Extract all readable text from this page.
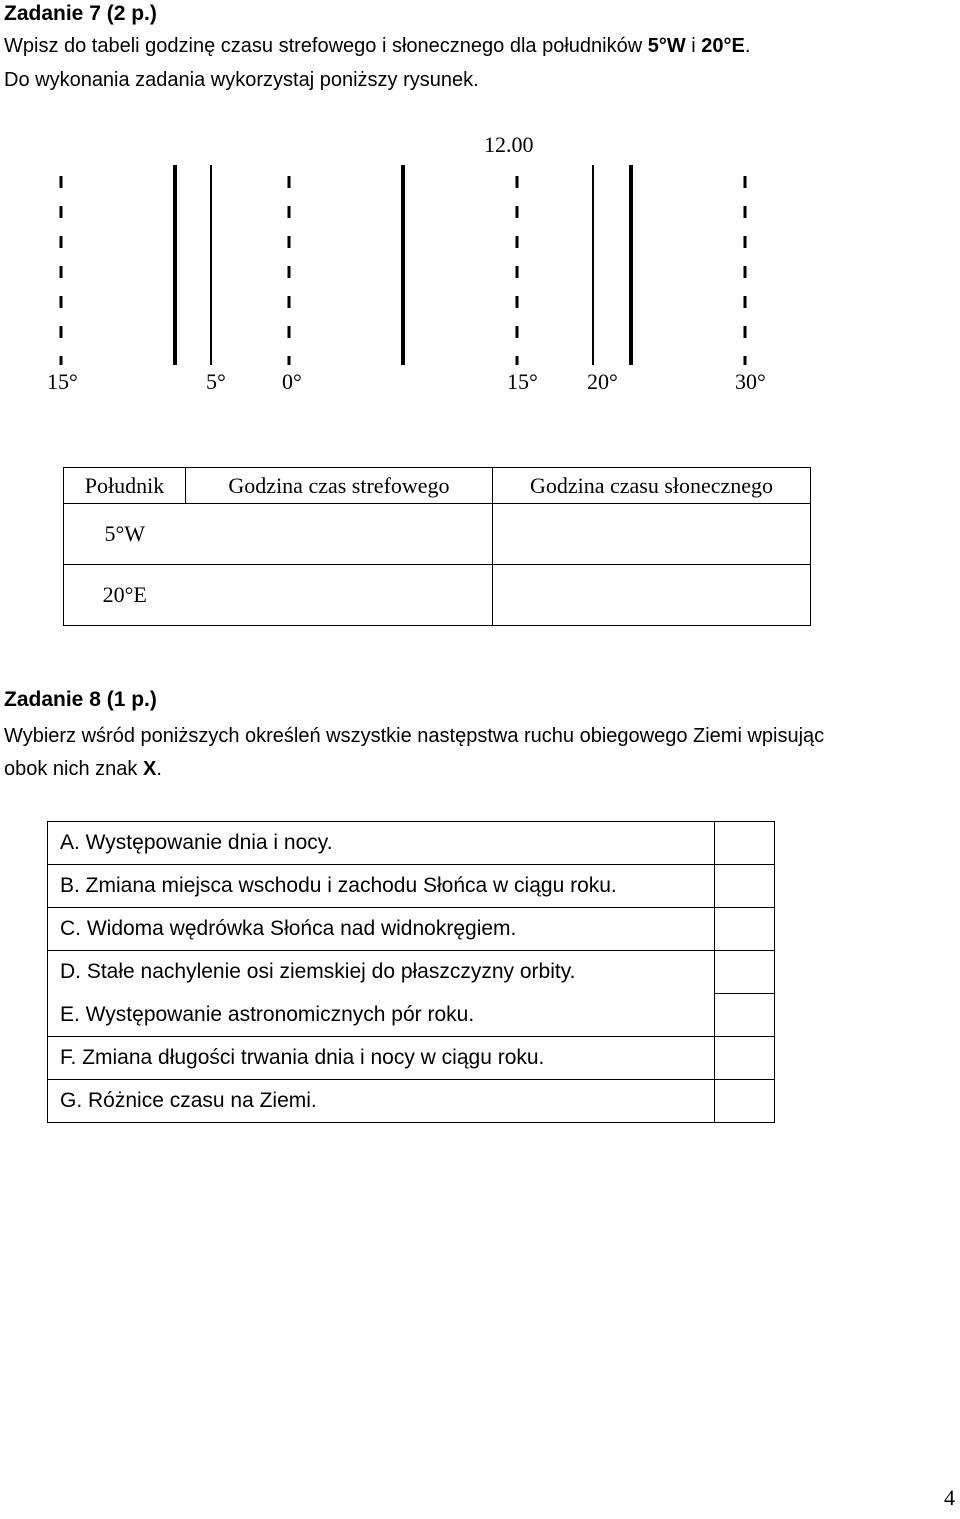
Zadanie 7 (2 p.)
Wpisz do tabeli godzinę czasu strefowego i słonecznego dla południków 5°W i 20°E.
Do wykonania zadania wykorzystaj poniższy rysunek.
12.00
15°	5°	0°	15° 20°	30°
Południk	Godzina czas strefowego	Godzina czasu słonecznego
5°W		
20°E		
Zadanie 8 (1 p.)
Wybierz wśród poniższych określeń wszystkie następstwa ruchu obiegowego Ziemi wpisując
obok nich znak X.
A. Występowanie dnia i nocy.	
B. Zmiana miejsca wschodu i zachodu Słońca w ciągu roku.	
C. Widoma wędrówka Słońca nad widnokręgiem.	
D. Stałe nachylenie osi ziemskiej do płaszczyzny orbity.	
E. Występowanie astronomicznych pór roku.	
F. Zmiana długości trwania dnia i nocy w ciągu roku.	
G. Różnice czasu na Ziemi.	
4
